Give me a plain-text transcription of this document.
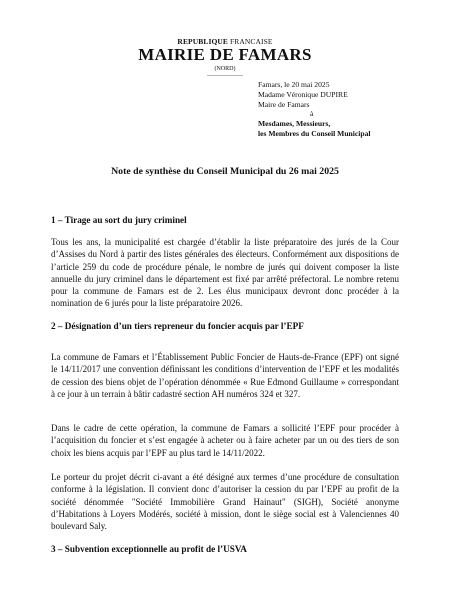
REPUBLIQUE FRANCAISE
MAIRIE DE FAMARS
(NORD)
Famars, le 20 mai 2025
Madame Véronique DUPIRE
Maire de Famars
à
Mesdames, Messieurs,
les Membres du Conseil Municipal
Note de synthèse du Conseil Municipal du 26 mai 2025
1 – Tirage au sort du jury criminel
Tous les ans, la municipalité est chargée d’établir la liste préparatoire des jurés de la Cour d’Assises du Nord à partir des listes générales des électeurs. Conformément aux dispositions de l’article 259 du code de procédure pénale, le nombre de jurés qui doivent composer la liste annuelle du jury criminel dans le département est fixé par arrêté préfectoral. Le nombre retenu pour la commune de Famars est de 2. Les élus municipaux devront donc procéder à la nomination de 6 jurés pour la liste préparatoire 2026.
2 – Désignation d’un tiers repreneur du foncier acquis par l’EPF
La commune de Famars et l’Établissement Public Foncier de Hauts-de-France (EPF) ont signé le 14/11/2017 une convention définissant les conditions d’intervention de l’EPF et les modalités de cession des biens objet de l’opération dénommée « Rue Edmond Guillaume » correspondant à ce jour à un terrain à bâtir cadastré section AH numéros 324 et 327.
Dans le cadre de cette opération, la commune de Famars a sollicité l’EPF pour procéder à l’acquisition du foncier et s’est engagée à acheter ou à faire acheter par un ou des tiers de son choix les biens acquis par l’EPF au plus tard le 14/11/2022.
Le porteur du projet décrit ci-avant a été désigné aux termes d’une procédure de consultation conforme à la législation. Il convient donc d’autoriser la cession du par l’EPF au profit de la société dénommée "Société Immobilière Grand Hainaut" (SIGH), Société anonyme d’Habitations à Loyers Modérés, société à mission, dont le siège social est à Valenciennes 40 boulevard Saly.
3 – Subvention exceptionnelle au profit de l’USVA
